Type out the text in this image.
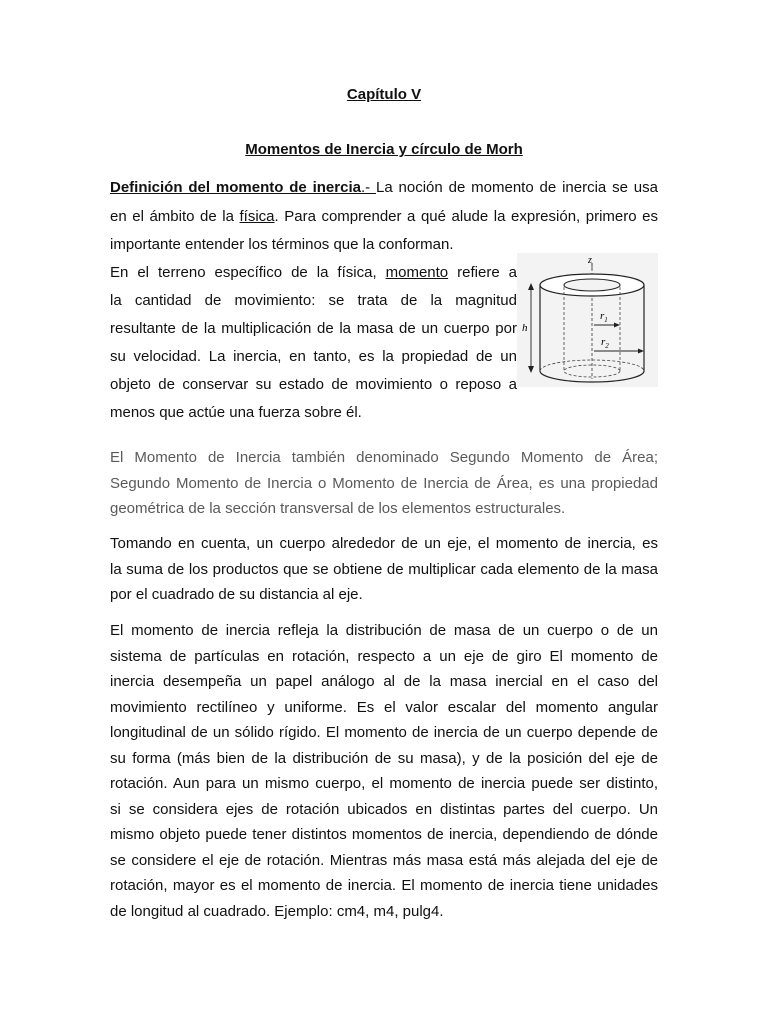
Capítulo V
Momentos de Inercia y círculo de Morh
Definición del momento de inercia.- La noción de momento de inercia se usa
en el ámbito de la física. Para comprender a qué alude la expresión, primero es
importante entender los términos que la conforman.
En el terreno específico de la física, momento refiere a
la cantidad de movimiento: se trata de la magnitud
resultante de la multiplicación de la masa de un cuerpo por
su velocidad. La inercia, en tanto, es la propiedad de un
objeto de conservar su estado de movimiento o reposo a
menos que actúe una fuerza sobre él.
z
h
$r_1$
$r_2$
El Momento de Inercia también denominado Segundo Momento de Área;
Segundo Momento de Inercia o Momento de Inercia de Área, es una propiedad
geométrica de la sección transversal de los elementos estructurales.
Tomando en cuenta, un cuerpo alrededor de un eje, el momento de inercia, es
la suma de los productos que se obtiene de multiplicar cada elemento de la masa
por el cuadrado de su distancia al eje.
El momento de inercia refleja la distribución de masa de un cuerpo o de un
sistema de partículas en rotación, respecto a un eje de giro El momento de
inercia desempeña un papel análogo al de la masa inercial en el caso del
movimiento rectilíneo y uniforme. Es el valor escalar del momento angular
longitudinal de un sólido rígido. El momento de inercia de un cuerpo depende de
su forma (más bien de la distribución de su masa), y de la posición del eje de
rotación. Aun para un mismo cuerpo, el momento de inercia puede ser distinto,
si se considera ejes de rotación ubicados en distintas partes del cuerpo. Un
mismo objeto puede tener distintos momentos de inercia, dependiendo de dónde
se considere el eje de rotación. Mientras más masa está más alejada del eje de
rotación, mayor es el momento de inercia. El momento de inercia tiene unidades
de longitud al cuadrado. Ejemplo: cm4, m4, pulg4.
